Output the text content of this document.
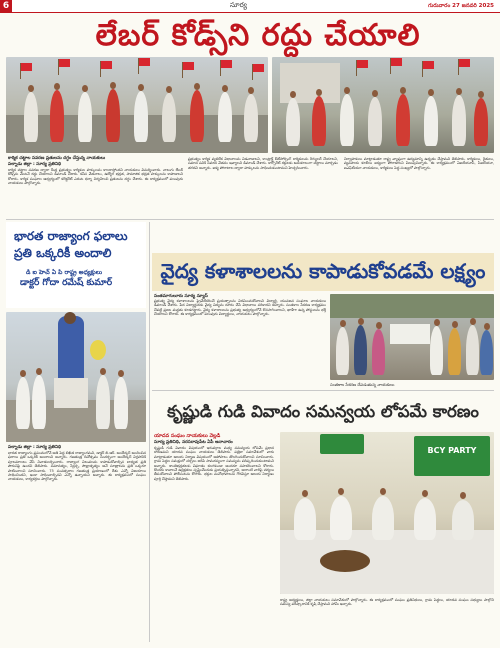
6	సూర్య	గురువారం 27 జనవరి 2025
లేబర్ కోడ్స్‌ని రద్దు చేయాలి
కార్మిక చట్టాల సవరణ ప్రతులను దగ్ధం చేస్తున్న నాయకులు
పల్నాడు జిల్లా : సూర్య ప్రతినిధి
కార్మిక చట్టాల సవరణ ద్వారా కేంద్ర ప్రభుత్వం కార్మికుల హక్కులను కాలరాస్తోందని నాయకులు విమర్శించారు. నాలుగు లేబర్ కోడ్స్‌ను వెంటనే రద్దు చేయాలని డిమాండ్ చేశారు. కనీస వేతనాలు, ఉద్యోగ భద్రత, సామాజిక భద్రత హక్కులను కాపాడాలని కోరారు. కార్మిక సంఘాల ఆధ్వర్యంలో కలెక్టరేట్ ఎదుట ధర్నా నిర్వహించి ప్రతులను దగ్ధం చేశారు. ఈ కార్యక్రమంలో పలువురు నాయకులు పాల్గొన్నారు.
ప్రభుత్వం కార్మిక వ్యతిరేక విధానాలను విడనాడాలని, కాంట్రాక్ట్ ఔట్‌సోర్సింగ్ కార్మికులను రెగ్యులర్ చేయాలని, సమాన పనికి సమాన వేతనం ఇవ్వాలని డిమాండ్ చేశారు. కార్పొరేట్ శక్తులకు అనుకూలంగా చట్టాలు మార్చడం తగదని అన్నారు. ఐక్య పోరాటాల ద్వారా హక్కులను సాధించుకుంటామని హెచ్చరించారు.
నిర్వాహకులు మాట్లాడుతూ రాష్ట్ర వ్యాప్తంగా ఉద్యమాన్ని ఉధృతం చేస్తామని తెలిపారు. కార్మికులు, రైతులు, వ్యవసాయ కూలీలు ఐక్యంగా పోరాడాలని పిలుపునిచ్చారు. ఈ కార్యక్రమంలో ఏఐటీయూసీ, సీఐటీయూ, ఐఎఫ్‌టీయూ నాయకులు, కార్మికులు పెద్ద సంఖ్యలో పాల్గొన్నారు.
భారత రాజ్యాంగ ఫలాలు
ప్రతి ఒక్కరికీ అందాలి
డి ఐ హెచ్ ఏ పి రాష్ట్ర అధ్యక్షులు
డాక్టర్ గోదా రమేష్ కుమార్
పల్నాడు జిల్లా : సూర్య ప్రతినిధి
భారత రాజ్యాంగం ప్రపంచంలోనే అతి పెద్ద లిఖిత రాజ్యాంగమని, డాక్టర్ బి.ఆర్. అంబేద్కర్ అందించిన ఫలాలు ప్రతి ఒక్కరికీ అందాలని అన్నారు. గణతంత్ర దినోత్సవం సందర్భంగా అంబేద్కర్ విగ్రహానికి పూలమాలలు వేసి నివాళులర్పించారు. రాజ్యాంగ విలువలను కాపాడుకోవాల్సిన బాధ్యత ప్రతి పౌరునిపై ఉందని తెలిపారు. సమానత్వం, స్వేచ్ఛ, సౌభ్రాతృత్వం అనే సూత్రాలను ప్రతి ఒక్కరూ పాటించాలని సూచించారు. 75 సంవత్సరాల గణతంత్ర ప్రయాణంలో దేశం ఎన్నో విజయాలు సాధించిందని, ఇంకా సాధించాల్సినవి ఎన్నో ఉన్నాయని అన్నారు. ఈ కార్యక్రమంలో సంఘం నాయకులు, కార్యకర్తలు పాల్గొన్నారు.
వైద్య కళాశాలలను కాపాడుకోవడమే లక్ష్యం
సంతమాగులూరు సూర్య న్యూస్
ప్రభుత్వ వైద్య కళాశాలలను ప్రైవేటీకరించే ప్రయత్నాలను విరమించుకోవాలని విద్యార్థి, యువజన సంఘాల నాయకులు డిమాండ్ చేశారు. పేద విద్యార్థులకు వైద్య విద్యను దూరం చేసే విధానాలు సరికాదని అన్నారు. సంతకాల సేకరణ కార్యక్రమం చేపట్టి ప్రజల మద్దతు కూడగట్టారు. వైద్య కళాశాలలను ప్రభుత్వ ఆధ్వర్యంలోనే కొనసాగించాలని, ఖాళీగా ఉన్న పోస్టులను భర్తీ చేయాలని కోరారు. ఈ కార్యక్రమంలో పలువురు విద్యార్థులు, నాయకులు పాల్గొన్నారు.
సంతకాల సేకరణ చేపడుతున్న నాయకులు
కృష్ణుడి గుడి వివాదం సమన్వయ లోపమే కారణం
యాదవ సంఘం నాయకులు వెల్లడి
సూర్య ప్రతినిధి, నరసరావుపేట ఏపీ అనాచారం
కృష్ణుడి గుడి వివాదం విషయంలో ఇరువర్గాల మధ్య సమన్వయ లోపమే ప్రధాన కారణమని యాదవ సంఘం నాయకులు తెలిపారు. పత్రికా సమావేశంలో వారు మాట్లాడుతూ ఆలయ నిర్మాణ విషయంలో అపోహలు తొలగించుకోవాలని సూచించారు. గ్రామ పెద్దల సమక్షంలో చర్చలు జరిపి సామరస్యంగా సమస్యను పరిష్కరించుకుంటామని అన్నారు. శాంతిభద్రతలకు విఘాతం కలగకుండా అందరూ సహకరించాలని కోరారు. కొందరు కావాలనే ఉద్రిక్తతలు సృష్టించేందుకు ప్రయత్నిస్తున్నారని, అలాంటి వారిపై చర్యలు తీసుకోవాలని పోలీసులను కోరారు. భక్తుల మనోభావాలను గౌరవిస్తూ ఆలయ నిర్మాణం పూర్తి చేస్తామని తెలిపారు.
BCY PARTY
రాష్ట్ర అధ్యక్షులు, జిల్లా నాయకులు సమావేశంలో పాల్గొన్నారు. ఈ కార్యక్రమంలో సంఘం ప్రతినిధులు, గ్రామ పెద్దలు, యాదవ సంఘం సభ్యులు పాల్గొని సమస్య పరిష్కారానికి కృషి చేస్తామని హామీ ఇచ్చారు.
